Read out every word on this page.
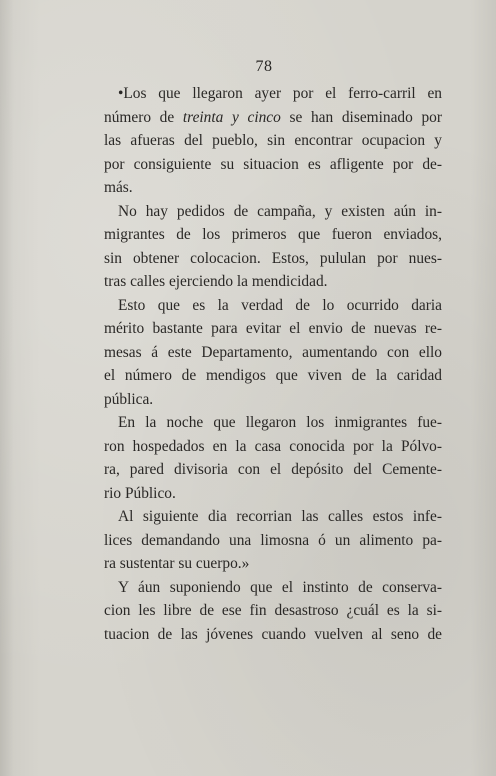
78
•Los que llegaron ayer por el ferro-carril en
número de treinta y cinco se han diseminado por
las afueras del pueblo, sin encontrar ocupacion y
por consiguiente su situacion es afligente por de-
más.
No hay pedidos de campaña, y existen aún in-
migrantes de los primeros que fueron enviados,
sin obtener colocacion. Estos, pululan por nues-
tras calles ejerciendo la mendicidad.
Esto que es la verdad de lo ocurrido daria
mérito bastante para evitar el envio de nuevas re-
mesas á este Departamento, aumentando con ello
el número de mendigos que viven de la caridad
pública.
En la noche que llegaron los inmigrantes fue-
ron hospedados en la casa conocida por la Pólvo-
ra, pared divisoria con el depósito del Cemente-
rio Público.
Al siguiente dia recorrian las calles estos infe-
lices demandando una limosna ó un alimento pa-
ra sustentar su cuerpo.»
Y áun suponiendo que el instinto de conserva-
cion les libre de ese fin desastroso ¿cuál es la si-
tuacion de las jóvenes cuando vuelven al seno de
